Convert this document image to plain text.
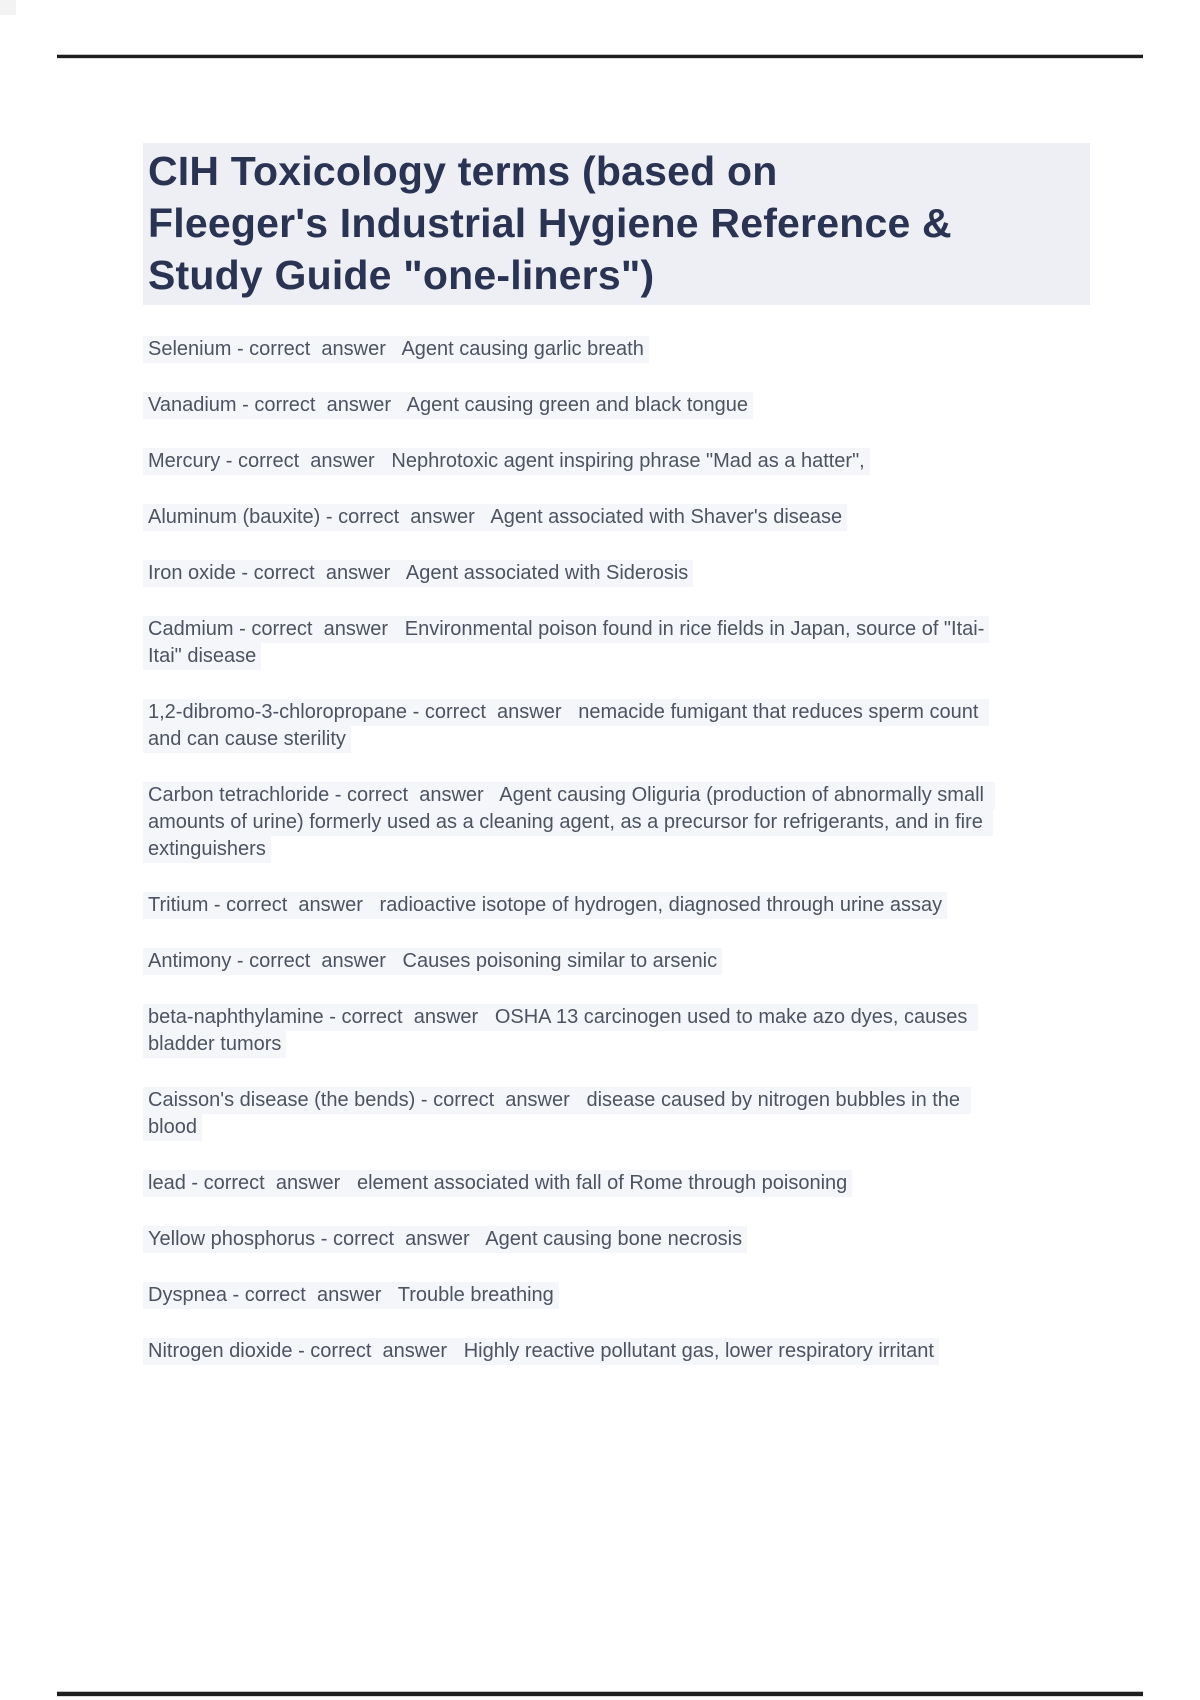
CIH Toxicology terms (based on
Fleeger's Industrial Hygiene Reference &
Study Guide "one-liners")

Selenium - correct  answer   Agent causing garlic breath

Vanadium - correct  answer   Agent causing green and black tongue

Mercury - correct  answer   Nephrotoxic agent inspiring phrase "Mad as a hatter",

Aluminum (bauxite) - correct  answer   Agent associated with Shaver's disease

Iron oxide - correct  answer   Agent associated with Siderosis

Cadmium - correct  answer   Environmental poison found in rice fields in Japan, source of "Itai-Itai" disease

1,2-dibromo-3-chloropropane - correct  answer   nemacide fumigant that reduces sperm count and can cause sterility

Carbon tetrachloride - correct  answer   Agent causing Oliguria (production of abnormally small amounts of urine) formerly used as a cleaning agent, as a precursor for refrigerants, and in fire extinguishers

Tritium - correct  answer   radioactive isotope of hydrogen, diagnosed through urine assay

Antimony - correct  answer   Causes poisoning similar to arsenic

beta-naphthylamine - correct  answer   OSHA 13 carcinogen used to make azo dyes, causes bladder tumors

Caisson's disease (the bends) - correct  answer   disease caused by nitrogen bubbles in the blood

lead - correct  answer   element associated with fall of Rome through poisoning

Yellow phosphorus - correct  answer   Agent causing bone necrosis

Dyspnea - correct  answer   Trouble breathing

Nitrogen dioxide - correct  answer   Highly reactive pollutant gas, lower respiratory irritant
